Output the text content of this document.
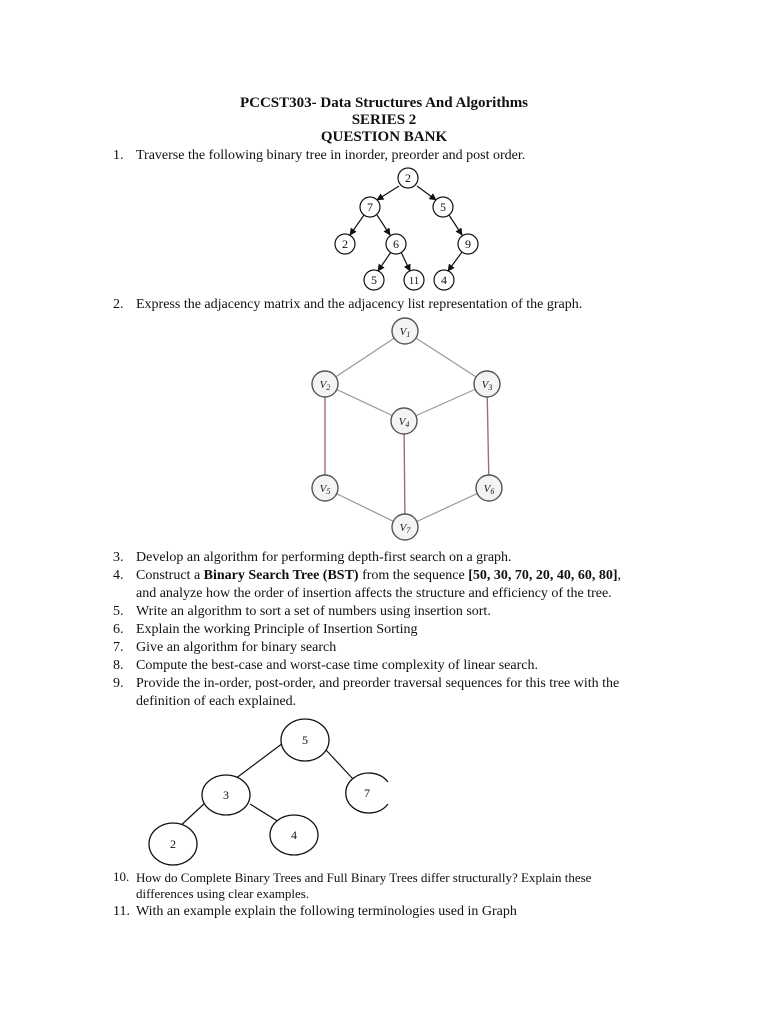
PCCST303- Data Structures And Algorithms
SERIES 2
QUESTION BANK
1. Traverse the following binary tree in inorder, preorder and post order.
2
7	5
2	6	9
5	11 4
2. Express the adjacency matrix and the adjacency list representation of the graph.
V1
V2	V3
V4
V5	V6
V7
3. Develop an algorithm for performing depth-first search on a graph.
4. Construct a Binary Search Tree (BST) from the sequence [50, 30, 70, 20, 40, 60, 80],
and analyze how the order of insertion affects the structure and efficiency of the tree.
5. Write an algorithm to sort a set of numbers using insertion sort.
6. Explain the working Principle of Insertion Sorting
7. Give an algorithm for binary search
8. Compute the best-case and worst-case time complexity of linear search.
9. Provide the in-order, post-order, and preorder traversal sequences for this tree with the
definition of each explained.
5
3	7
2
4
10. How do Complete Binary Trees and Full Binary Trees differ structurally? Explain these
differences using clear examples.
11. With an example explain the following terminologies used in Graph
